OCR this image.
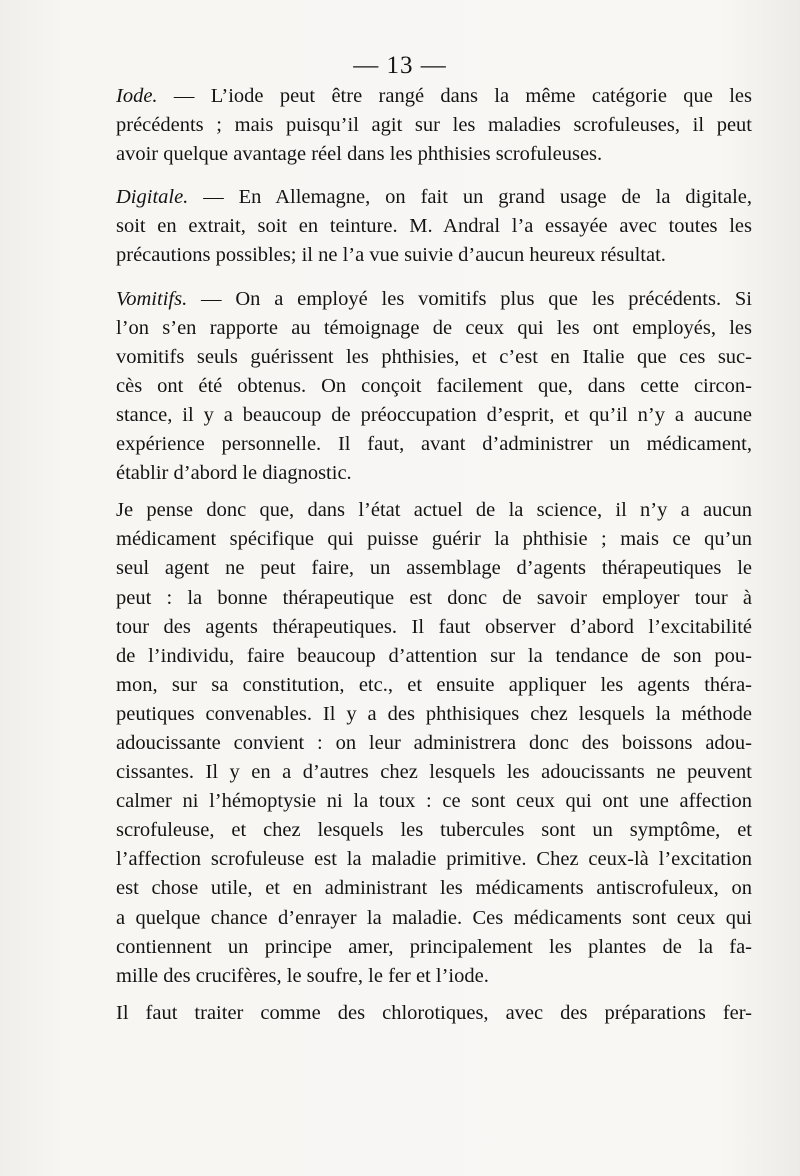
— 13 —
Iode. — L’iode peut être rangé dans la même catégorie que les
précédents ; mais puisqu’il agit sur les maladies scrofuleuses, il peut
avoir quelque avantage réel dans les phthisies scrofuleuses.
Digitale. — En Allemagne, on fait un grand usage de la digitale,
soit en extrait, soit en teinture. M. Andral l’a essayée avec toutes les
précautions possibles; il ne l’a vue suivie d’aucun heureux résultat.
Vomitifs. — On a employé les vomitifs plus que les précédents. Si
l’on s’en rapporte au témoignage de ceux qui les ont employés, les
vomitifs seuls guérissent les phthisies, et c’est en Italie que ces suc-
cès ont été obtenus. On conçoit facilement que, dans cette circon-
stance, il y a beaucoup de préoccupation d’esprit, et qu’il n’y a aucune
expérience personnelle. Il faut, avant d’administrer un médicament,
établir d’abord le diagnostic.
Je pense donc que, dans l’état actuel de la science, il n’y a aucun
médicament spécifique qui puisse guérir la phthisie ; mais ce qu’un
seul agent ne peut faire, un assemblage d’agents thérapeutiques le
peut : la bonne thérapeutique est donc de savoir employer tour à
tour des agents thérapeutiques. Il faut observer d’abord l’excitabilité
de l’individu, faire beaucoup d’attention sur la tendance de son pou-
mon, sur sa constitution, etc., et ensuite appliquer les agents théra-
peutiques convenables. Il y a des phthisiques chez lesquels la méthode
adoucissante convient : on leur administrera donc des boissons adou-
cissantes. Il y en a d’autres chez lesquels les adoucissants ne peuvent
calmer ni l’hémoptysie ni la toux : ce sont ceux qui ont une affection
scrofuleuse, et chez lesquels les tubercules sont un symptôme, et
l’affection scrofuleuse est la maladie primitive. Chez ceux-là l’excitation
est chose utile, et en administrant les médicaments antiscrofuleux, on
a quelque chance d’enrayer la maladie. Ces médicaments sont ceux qui
contiennent un principe amer, principalement les plantes de la fa-
mille des crucifères, le soufre, le fer et l’iode.
Il faut traiter comme des chlorotiques, avec des préparations fer-
